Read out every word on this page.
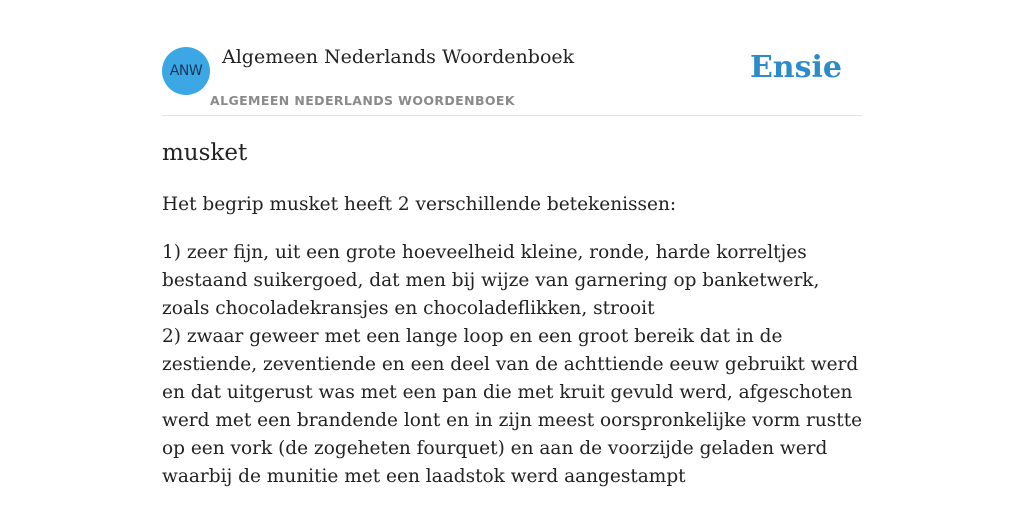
ANW
Algemeen Nederlands Woordenboek
ALGEMEEN NEDERLANDS WOORDENBOEK
Ensie
musket

Het begrip musket heeft 2 verschillende betekenissen:

1) zeer fijn, uit een grote hoeveelheid kleine, ronde, harde korreltjes bestaand suikergoed, dat men bij wijze van garnering op banketwerk, zoals chocoladekransjes en chocoladeflikken, strooit
2) zwaar geweer met een lange loop en een groot bereik dat in de zestiende, zeventiende en een deel van de achttiende eeuw gebruikt werd en dat uitgerust was met een pan die met kruit gevuld werd, afgeschoten werd met een brandende lont en in zijn meest oorspronkelijke vorm rustte op een vork (de zogeheten fourquet) en aan de voorzijde geladen werd waarbij de munitie met een laadstok werd aangestampt
